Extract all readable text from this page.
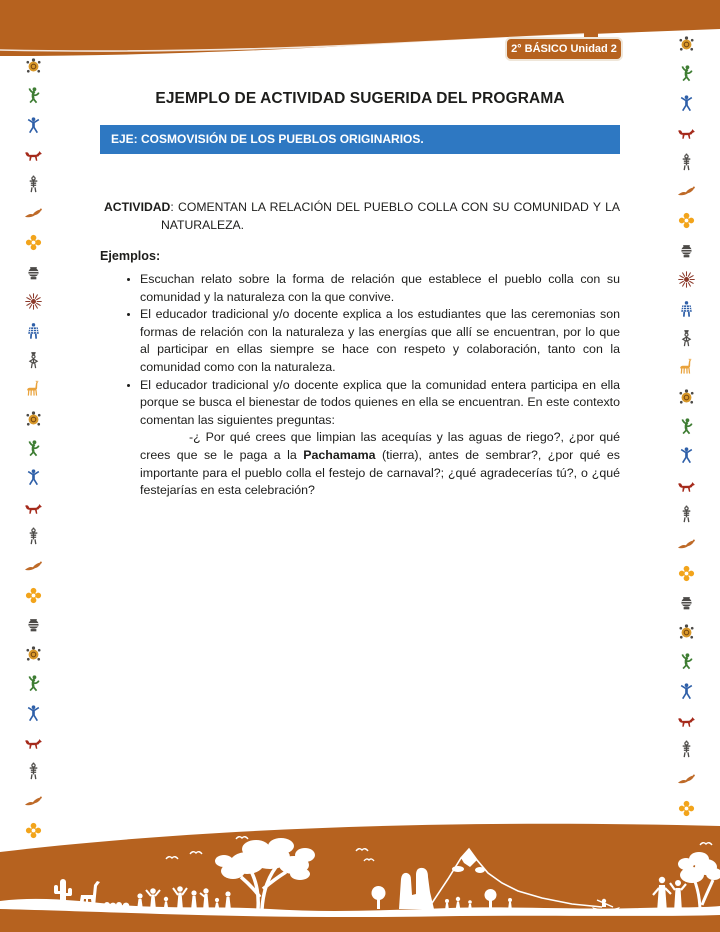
2° BÁSICO Unidad 2
EJEMPLO DE ACTIVIDAD SUGERIDA DEL PROGRAMA
EJE: COSMOVISIÓN DE LOS PUEBLOS ORIGINARIOS.

ACTIVIDAD: COMENTAN LA RELACIÓN DEL PUEBLO COLLA CON SU COMUNIDAD Y LA NATURALEZA.

Ejemplos:

• Escuchan relato sobre la forma de relación que establece el pueblo colla con su comunidad y la naturaleza con la que convive.
• El educador tradicional y/o docente explica a los estudiantes que las ceremonias son formas de relación con la naturaleza y las energías que allí se encuentran, por lo que al participar en ellas siempre se hace con respeto y colaboración, tanto con la comunidad como con la naturaleza.
• El educador tradicional y/o docente explica que la comunidad entera participa en ella porque se busca el bienestar de todos quienes en ella se encuentran. En este contexto comentan las siguientes preguntas:

-¿ Por qué crees que limpian las acequías y las aguas de riego?, ¿por qué crees que se le paga a la Pachamama (tierra), antes de sembrar?, ¿por qué es importante para el pueblo colla el festejo de carnaval?; ¿qué agradecerías tú?, o ¿qué festejarías en esta celebración?
